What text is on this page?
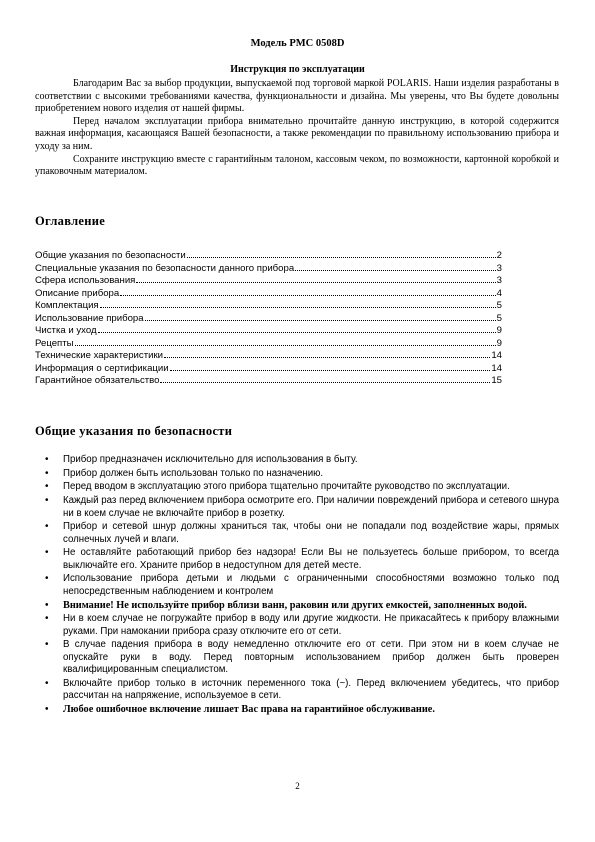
Модель PMC 0508D
Инструкция по эксплуатации

Благодарим Вас за выбор продукции, выпускаемой под торговой маркой POLARIS. Наши изделия разработаны в соответствии с высокими требованиями качества, функциональности и дизайна. Мы уверены, что Вы будете довольны приобретением нового изделия от нашей фирмы.

Перед началом эксплуатации прибора внимательно прочитайте данную инструкцию, в которой содержится важная информация, касающаяся Вашей безопасности, а также рекомендации по правильному использованию прибора и уходу за ним.

Сохраните инструкцию вместе с гарантийным талоном, кассовым чеком, по возможности, картонной коробкой и упаковочным материалом.

Оглавление
Общие указания по безопасности	2
Специальные указания по безопасности данного прибора	3
Сфера использования	3
Описание прибора	4
Комплектация	5
Использование прибора	5
Чистка и уход	9
Рецепты	9
Технические характеристики	14
Информация о сертификации	14
Гарантийное обязательство	15
Общие указания по безопасности
• Прибор предназначен исключительно для использования в быту.
• Прибор должен быть использован только по назначению.
• Перед вводом в эксплуатацию этого прибора тщательно прочитайте руководство по эксплуатации.
• Каждый раз перед включением прибора осмотрите его. При наличии повреждений прибора и сетевого шнура ни в коем случае не включайте прибор в розетку.
• Прибор и сетевой шнур должны храниться так, чтобы они не попадали под воздействие жары, прямых солнечных лучей и влаги.
• Не оставляйте работающий прибор без надзора! Если Вы не пользуетесь больше прибором, то всегда выключайте его. Храните прибор в недоступном для детей месте.
• Использование прибора детьми и людьми с ограниченными способностями возможно только под непосредственным наблюдением и контролем
• Внимание! Не используйте прибор вблизи ванн, раковин или других емкостей, заполненных водой.
• Ни в коем случае не погружайте прибор в воду или другие жидкости. Не прикасайтесь к прибору влажными руками. При намокании прибора сразу отключите его от сети.
• В случае падения прибора в воду немедленно отключите его от сети. При этом ни в коем случае не опускайте руки в воду. Перед повторным использованием прибор должен быть проверен квалифицированным специалистом.
• Включайте прибор только в источник переменного тока (~). Перед включением убедитесь, что прибор рассчитан на напряжение, используемое в сети.
• Любое ошибочное включение лишает Вас права на гарантийное обслуживание.
2
